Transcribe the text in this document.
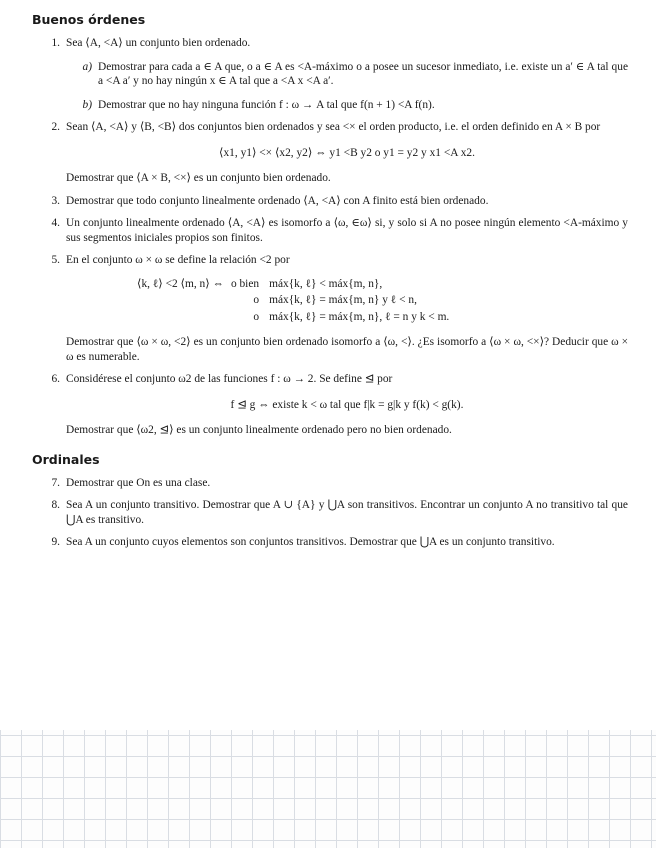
Buenos órdenes
1. Sea ⟨A, <A⟩ un conjunto bien ordenado.
a) Demostrar para cada a ∈ A que, o a ∈ A es <A-máximo o a posee un sucesor inmediato, i.e. existe un a′ ∈ A tal que a <A a′ y no hay ningún x ∈ A tal que a <A x <A a′.
b) Demostrar que no hay ninguna función f : ω → A tal que f(n + 1) <A f(n).
2. Sean ⟨A, <A⟩ y ⟨B, <B⟩ dos conjuntos bien ordenados y sea <× el orden producto, i.e. el orden definido en A × B por
⟨x1, y1⟩ <× ⟨x2, y2⟩ ⇔ y1 <B y2 o y1 = y2 y x1 <A x2.
Demostrar que ⟨A × B, <×⟩ es un conjunto bien ordenado.
3. Demostrar que todo conjunto linealmente ordenado ⟨A, <A⟩ con A finito está bien ordenado.
4. Un conjunto linealmente ordenado ⟨A, <A⟩ es isomorfo a ⟨ω, ∈ω⟩ si, y solo si A no posee ningún elemento <A-máximo y sus segmentos iniciales propios son finitos.
5. En el conjunto ω × ω se define la relación <2 por
⟨k, ℓ⟩ <2 ⟨m, n⟩ ⇔	o bien	máx{k, ℓ} < máx{m, n},
	o	máx{k, ℓ} = máx{m, n} y ℓ < n,
	o	máx{k, ℓ} = máx{m, n}, ℓ = n y k < m.
Demostrar que ⟨ω × ω, <2⟩ es un conjunto bien ordenado isomorfo a ⟨ω, <⟩. ¿Es isomorfo a ⟨ω × ω, <×⟩? Deducir que ω × ω es numerable.
6. Considérese el conjunto ω2 de las funciones f : ω → 2. Se define ⊴ por
f ⊴ g ⇔ existe k < ω tal que f|k = g|k y f(k) < g(k).
Demostrar que ⟨ω2, ⊴⟩ es un conjunto linealmente ordenado pero no bien ordenado.
Ordinales
7. Demostrar que On es una clase.
8. Sea A un conjunto transitivo. Demostrar que A ∪ {A} y ⋃A son transitivos. Encontrar un conjunto A no transitivo tal que ⋃A es transitivo.
9. Sea A un conjunto cuyos elementos son conjuntos transitivos. Demostrar que ⋃A es un conjunto transitivo.
